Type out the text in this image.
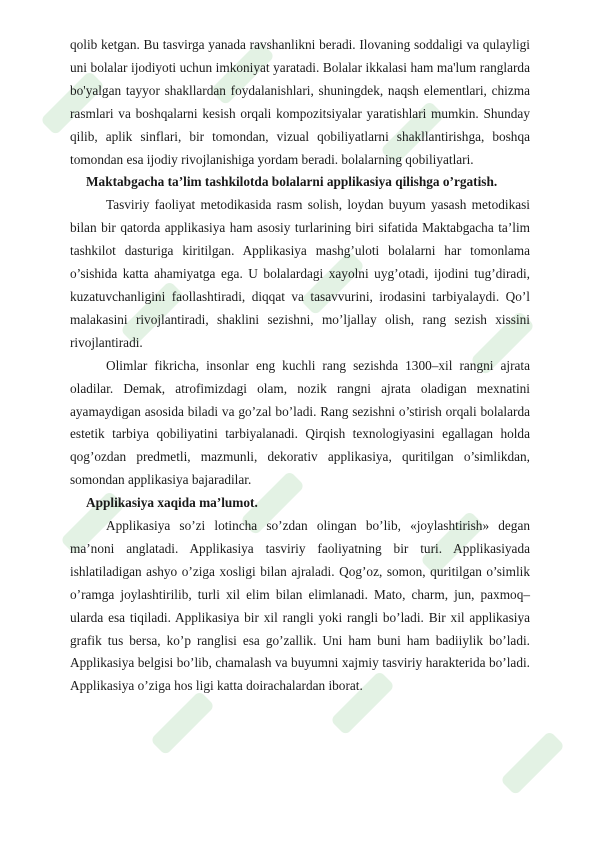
qolib ketgan. Bu tasvirga yanada ravshanlikni beradi. Ilovaning soddaligi va qulayligi uni bolalar ijodiyoti uchun imkoniyat yaratadi. Bolalar ikkalasi ham ma'lum ranglarda bo'yalgan tayyor shakllardan foydalanishlari, shuningdek, naqsh elementlari, chizma rasmlari va boshqalarni kesish orqali kompozitsiyalar yaratishlari mumkin. Shunday qilib, aplik sinflari, bir tomondan, vizual qobiliyatlarni shakllantirishga, boshqa tomondan esa ijodiy rivojlanishiga yordam beradi. bolalarning qobiliyatlari.

Maktabgacha ta’lim tashkilotda bolalarni applikasiya qilishga o’rgatish.

Tasviriy faoliyat metodikasida rasm solish, loydan buyum yasash metodikasi bilan bir qatorda applikasiya ham asosiy turlarining biri sifatida Maktabgacha ta’lim tashkilot dasturiga kiritilgan. Applikasiya mashg’uloti bolalarni har tomonlama o’sishida katta ahamiyatga ega. U bolalardagi xayolni uyg’otadi, ijodini tug’diradi, kuzatuvchanligini faollashtiradi, diqqat va tasavvurini, irodasini tarbiyalaydi. Qo’l malakasini rivojlantiradi, shaklini sezishni, mo’ljallay olish, rang sezish xissini rivojlantiradi.

Olimlar fikricha, insonlar eng kuchli rang sezishda 1300–xil rangni ajrata oladilar. Demak, atrofimizdagi olam, nozik rangni ajrata oladigan mexnatini ayamaydigan asosida biladi va go’zal bo’ladi. Rang sezishni o’stirish orqali bolalarda estetik tarbiya qobiliyatini tarbiyalanadi. Qirqish texnologiyasini egallagan holda qog’ozdan predmetli, mazmunli, dekorativ applikasiya, quritilgan o’simlikdan, somondan applikasiya bajaradilar.

Applikasiya xaqida ma’lumot.

Applikasiya so’zi lotincha so’zdan olingan bo’lib, «joylashtirish» degan ma’noni anglatadi. Applikasiya tasviriy faoliyatning bir turi. Applikasiyada ishlatiladigan ashyo o’ziga xosligi bilan ajraladi. Qog’oz, somon, quritilgan o’simlik o’ramga joylashtirilib, turli xil elim bilan elimlanadi. Mato, charm, jun, paxmoq–ularda esa tiqiladi. Applikasiya bir xil rangli yoki rangli bo’ladi. Bir xil applikasiya grafik tus bersa, ko’p ranglisi esa go’zallik. Uni ham buni ham badiiylik bo’ladi. Applikasiya belgisi bo’lib, chamalash va buyumni xajmiy tasviriy harakterida bo’ladi. Applikasiya o’ziga hos ligi katta doirachalardan iborat.
